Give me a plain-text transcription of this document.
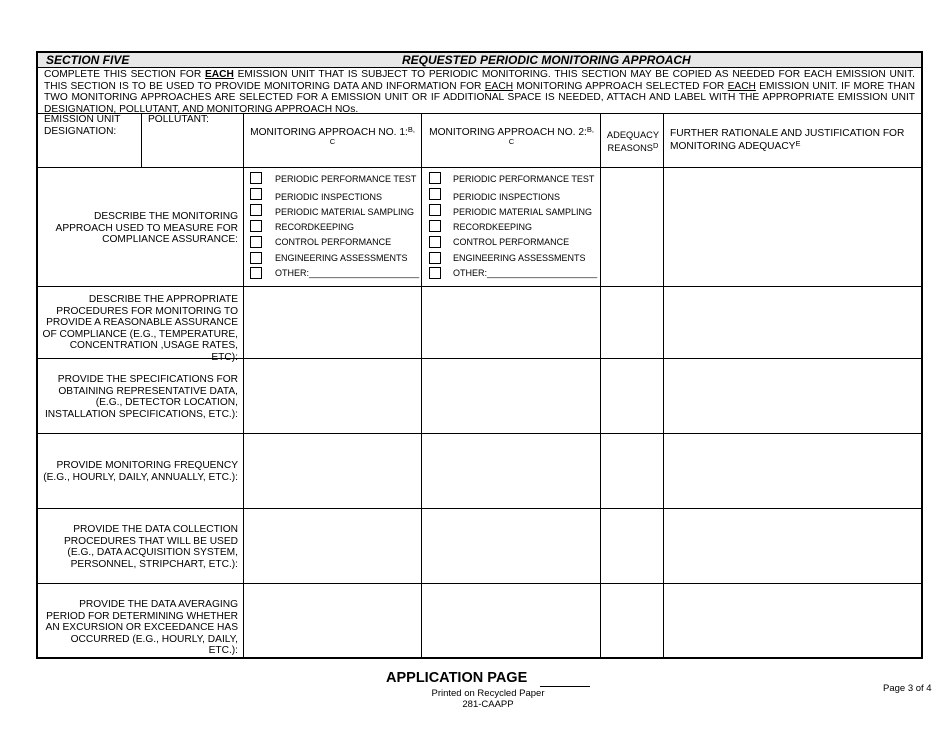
SECTION FIVE	REQUESTED PERIODIC MONITORING APPROACH
COMPLETE THIS SECTION FOR EACH EMISSION UNIT THAT IS SUBJECT TO PERIODIC MONITORING. THIS SECTION MAY BE COPIED AS NEEDED FOR EACH EMISSION UNIT. THIS SECTION IS TO BE USED TO PROVIDE MONITORING DATA AND INFORMATION FOR EACH MONITORING APPROACH SELECTED FOR EACH EMISSION UNIT. IF MORE THAN TWO MONITORING APPROACHES ARE SELECTED FOR A EMISSION UNIT OR IF ADDITIONAL SPACE IS NEEDED, ATTACH AND LABEL WITH THE APPROPRIATE EMISSION UNIT DESIGNATION, POLLUTANT, AND MONITORING APPROACH NOs.
EMISSION UNIT DESIGNATION:
POLLUTANT:
MONITORING APPROACH NO. 1:$^{B, C}$
MONITORING APPROACH NO. 2:$^{B, C}$
ADEQUACY $REASONS^D$
FURTHER RATIONALE AND JUSTIFICATION FOR MONITORING $ADEQUACY^E$
DESCRIBE THE MONITORING APPROACH USED TO MEASURE FOR COMPLIANCE ASSURANCE:
DESCRIBE THE APPROPRIATE PROCEDURES FOR MONITORING TO PROVIDE A REASONABLE ASSURANCE OF COMPLIANCE (E.G., TEMPERATURE, CONCENTRATION ,USAGE RATES, ETC):
PROVIDE THE SPECIFICATIONS FOR OBTAINING REPRESENTATIVE DATA, (E.G., DETECTOR LOCATION, INSTALLATION SPECIFICATIONS, ETC.):
PROVIDE MONITORING FREQUENCY (E.G., HOURLY, DAILY, ANNUALLY, ETC.):
PROVIDE THE DATA COLLECTION PROCEDURES THAT WILL BE USED (E.G., DATA ACQUISITION SYSTEM, PERSONNEL, STRIPCHART, ETC.):
PROVIDE THE DATA AVERAGING PERIOD FOR DETERMINING WHETHER AN EXCURSION OR EXCEEDANCE HAS OCCURRED (E.G., HOURLY, DAILY, ETC.):
PERIODIC PERFORMANCE TEST
PERIODIC INSPECTIONS
PERIODIC MATERIAL SAMPLING
RECORDKEEPING
CONTROL PERFORMANCE
ENGINEERING ASSESSMENTS
OTHER:______________________
PERIODIC PERFORMANCE TEST
PERIODIC INSPECTIONS
PERIODIC MATERIAL SAMPLING
RECORDKEEPING
CONTROL PERFORMANCE
ENGINEERING ASSESSMENTS
OTHER:______________________
APPLICATION PAGE
Printed on Recycled Paper
281-CAAPP
Page 3 of 4
